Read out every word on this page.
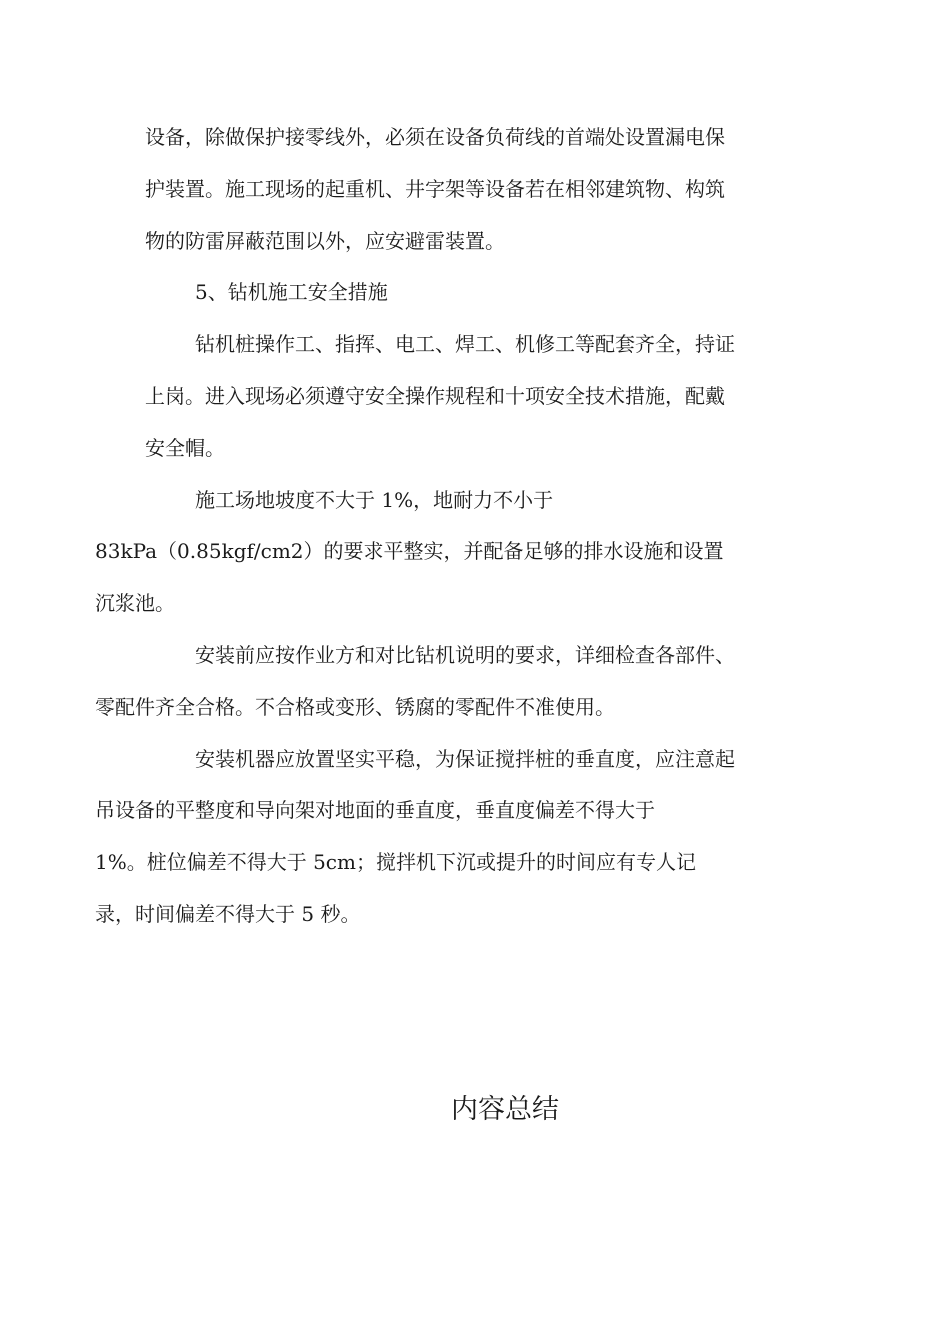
设备，除做保护接零线外，必须在设备负荷线的首端处设置漏电保
护装置。施工现场的起重机、井字架等设备若在相邻建筑物、构筑
物的防雷屏蔽范围以外，应安避雷装置。

5、钻机施工安全措施

钻机桩操作工、指挥、电工、焊工、机修工等配套齐全，持证
上岗。进入现场必须遵守安全操作规程和十项安全技术措施，配戴
安全帽。

施工场地坡度不大于 1%，地耐力不小于
83kPa（0.85kgf/cm2）的要求平整实，并配备足够的排水设施和设置
沉浆池。

安装前应按作业方和对比钻机说明的要求，详细检查各部件、
零配件齐全合格。不合格或变形、锈腐的零配件不准使用。

安装机器应放置坚实平稳，为保证搅拌桩的垂直度，应注意起
吊设备的平整度和导向架对地面的垂直度，垂直度偏差不得大于
1%。桩位偏差不得大于 5cm；搅拌机下沉或提升的时间应有专人记
录，时间偏差不得大于 5 秒。

内容总结
